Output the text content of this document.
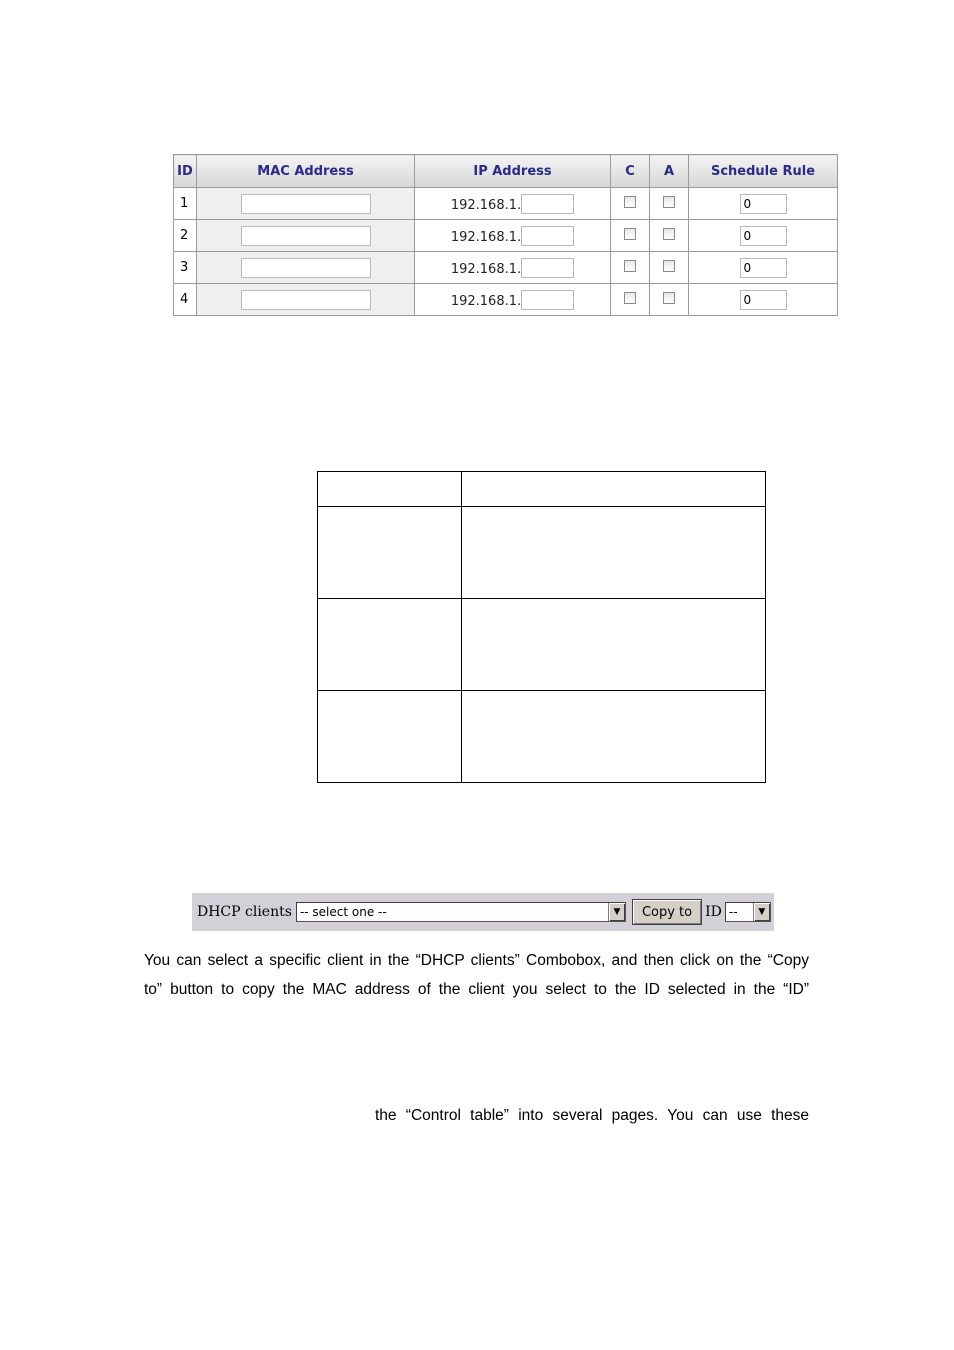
ID	MAC Address	IP Address	C	A	Schedule Rule
1		192.168.1.			0
2		192.168.1.			0
3		192.168.1.			0
4		192.168.1.			0

DHCP clients -- select one --	▼	Copy to ID --	▼
You can select a specific client in the “DHCP clients” Combobox, and then click on the “Copy
to” button to copy the MAC address of the client you select to the ID selected in the “ID”
the “Control table” into several pages. You can use these
